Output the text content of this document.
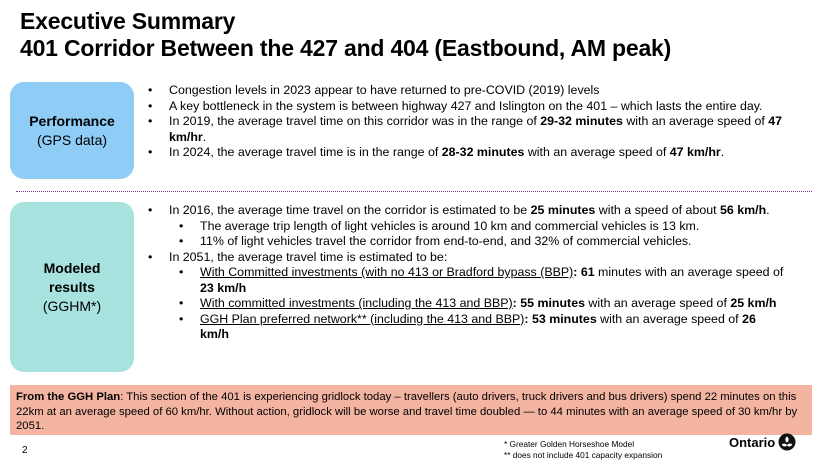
Executive Summary
401 Corridor Between the 427 and 404 (Eastbound, AM peak)
Performance
(GPS data)
• Congestion levels in 2023 appear to have returned to pre-COVID (2019) levels
• A key bottleneck in the system is between highway 427 and Islington on the 401 – which lasts the entire day.
• In 2019, the average travel time on this corridor was in the range of 29-32 minutes with an average speed of 47 km/hr.
• In 2024, the average travel time is in the range of 28-32 minutes with an average speed of 47 km/hr.
Modeled
results
(GGHM*)
• In 2016, the average time travel on the corridor is estimated to be 25 minutes with a speed of about 56 km/h.
• The average trip length of light vehicles is around 10 km and commercial vehicles is 13 km.
• 11% of light vehicles travel the corridor from end-to-end, and 32% of commercial vehicles.
• In 2051, the average travel time is estimated to be:
• With Committed investments (with no 413 or Bradford bypass (BBP): 61 minutes with an average speed of 23 km/h
• With committed investments (including the 413 and BBP): 55 minutes with an average speed of 25 km/h
• GGH Plan preferred network** (including the 413 and BBP): 53 minutes with an average speed of 26 km/h
From the GGH Plan: This section of the 401 is experiencing gridlock today – travellers (auto drivers, truck drivers and bus drivers) spend 22 minutes on this 22km at an average speed of 60 km/hr. Without action, gridlock will be worse and travel time doubled — to 44 minutes with an average speed of 30 km/hr by 2051.
2
* Greater Golden Horseshoe Model
** does not include 401 capacity expansion
Ontario
